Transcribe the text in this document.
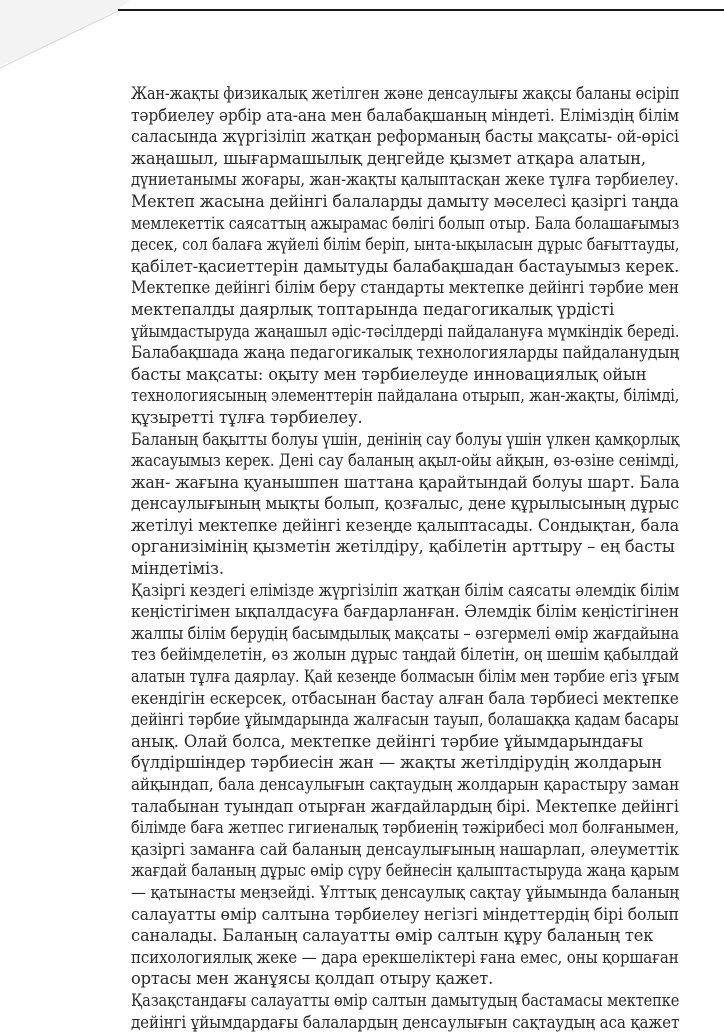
Жан-жақты физикалық жетілген және денсаулығы жақсы баланы өсіріптәрбиелеу әрбір ата-ана мен балабақшаның міндеті. Еліміздің білімсаласында жүргізіліп жатқан реформаның басты мақсаты- ой-өрісі
жаңашыл, шығармашылық деңгейде қызмет атқара алатын,
дүниетанымы жоғары, жан-жақты қалыптасқан жеке тұлға тәрбиелеу.Мектеп жасына дейінгі балаларды дамыту мәселесі қазіргі таңдамемлекеттік саясаттың ажырамас бөлігі болып отыр. Бала болашағымыздесек, сол балаға жүйелі білім беріп, ынта-ықыласын дұрыс бағыттауды,қабілет-қасиеттерін дамытуды балабақшадан бастауымыз керек.Мектепке дейінгі білім беру стандарты мектепке дейінгі тәрбие мен
мектепалды даярлық топтарында педагогикалық үрдісті
ұйымдастыруда жаңашыл әдіс-тәсілдерді пайдалануға мүмкіндік береді.Балабақшада жаңа педагогикалық технологияларды пайдаланудың
басты мақсаты: оқыту мен тәрбиелеуде инновациялық ойын
технологиясының элементтерін пайдалана отырып, жан-жақты, білімді,
құзыретті тұлға тәрбиелеу.
Баланың бақытты болуы үшін, денінің сау болуы үшін үлкен қамқорлықжасауымыз керек. Дені сау баланың ақыл-ойы айқын, өз-өзіне сенімді,жан- жағына қуанышпен шаттана қарайтындай болуы шарт. Баладенсаулығының мықты болып, қозғалыс, дене құрылысының дұрысжетілуі мектепке дейінгі кезеңде қалыптасады. Сондықтан, бала
организімінің қызметін жетілдіру, қабілетін арттыру – ең басты
міндетіміз.
Қазіргі кездегі елімізде жүргізіліп жатқан білім саясаты әлемдік білімкеңістігімен ықпалдасуға бағдарланған. Әлемдік білім кеңістігіненжалпы білім берудің басымдылық мақсаты – өзгермелі өмір жағдайынатез бейімделетін, өз жолын дұрыс таңдай білетін, оң шешім қабылдайалатын тұлға даярлау. Қай кезеңде болмасын білім мен тәрбие егіз ұғымекендігін ескерсек, отбасынан бастау алған бала тәрбиесі мектепкедейінгі тәрбие ұйымдарында жалғасын тауып, болашаққа қадам басары
анық. Олай болса, мектепке дейінгі тәрбие ұйымдарындағы
бүлдіршіндер тәрбиесін жан — жақты жетілдірудің жолдарын
айқындап, бала денсаулығын сақтаудың жолдарын қарастыру заманталабынан туындап отырған жағдайлардың бірі. Мектепке дейінгібілімде баға жетпес гигиеналық тәрбиенің тәжірибесі мол болғанымен,қазіргі заманға сай баланың денсаулығының нашарлап, әлеуметтікжағдай баланың дұрыс өмір сүру бейнесін қалыптастыруда жаңа қарым— қатынасты меңзейді. Ұлттық денсаулық сақтау ұйымында баланыңсалауатты өмір салтына тәрбиелеу негізгі міндеттердің бірі болып
саналады. Баланың салауатты өмір салтын құру баланың тек
психологиялық жеке — дара ерекшеліктері ғана емес, оны қоршаған
ортасы мен жанұясы қолдап отыру қажет.
Қазақстандағы салауатты өмір салтын дамытудың бастамасы мектепкедейінгі ұйымдардағы балалардың денсаулығын сақтаудың аса қажет
